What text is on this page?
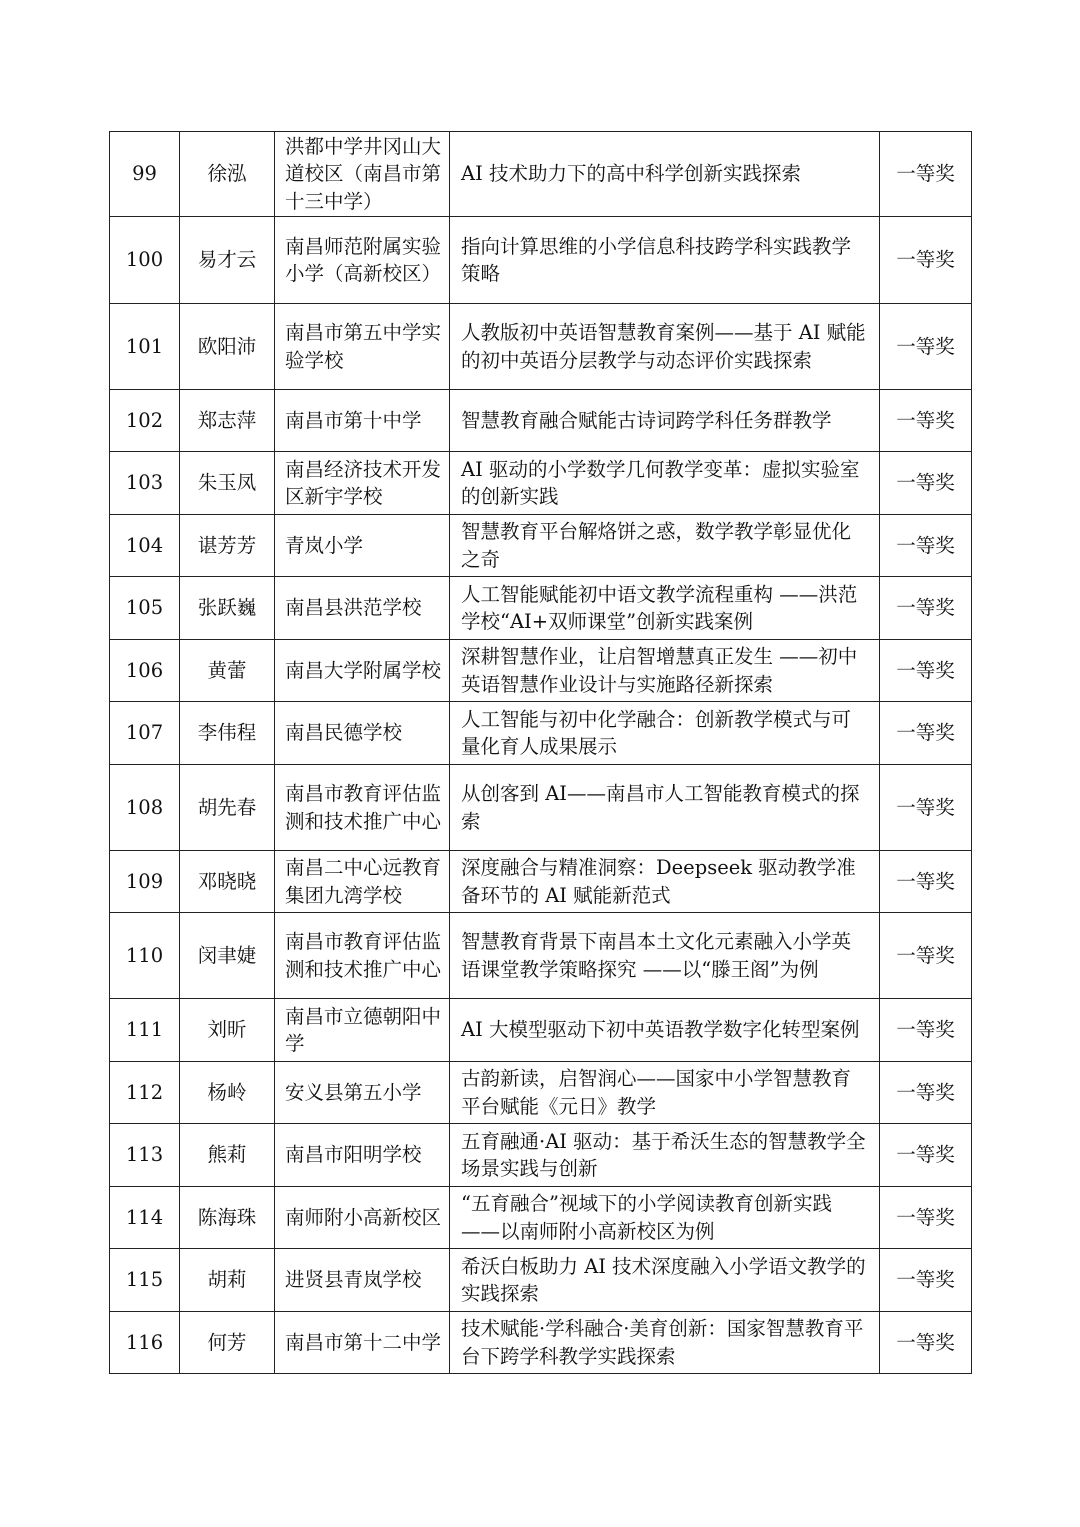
99	徐泓	洪都中学井冈山大道校区（南昌市第十三中学）	AI 技术助力下的高中科学创新实践探索	一等奖
100	易才云	南昌师范附属实验小学（高新校区）	指向计算思维的小学信息科技跨学科实践教学策略	一等奖
101	欧阳沛	南昌市第五中学实验学校	人教版初中英语智慧教育案例——基于 AI 赋能的初中英语分层教学与动态评价实践探索	一等奖
102	郑志萍	南昌市第十中学	智慧教育融合赋能古诗词跨学科任务群教学	一等奖
103	朱玉凤	南昌经济技术开发区新宇学校	AI 驱动的小学数学几何教学变革：虚拟实验室的创新实践	一等奖
104	谌芳芳	青岚小学	智慧教育平台解烙饼之惑，数学教学彰显优化之奇	一等奖
105	张跃巍	南昌县洪范学校	人工智能赋能初中语文教学流程重构 ——洪范学校“AI+双师课堂”创新实践案例	一等奖
106	黄蕾	南昌大学附属学校	深耕智慧作业，让启智增慧真正发生 ——初中英语智慧作业设计与实施路径新探索	一等奖
107	李伟程	南昌民德学校	人工智能与初中化学融合：创新教学模式与可量化育人成果展示	一等奖
108	胡先春	南昌市教育评估监测和技术推广中心	从创客到 AI——南昌市人工智能教育模式的探索	一等奖
109	邓晓晓	南昌二中心远教育集团九湾学校	深度融合与精准洞察：Deepseek 驱动教学准备环节的 AI 赋能新范式	一等奖
110	闵聿婕	南昌市教育评估监测和技术推广中心	智慧教育背景下南昌本土文化元素融入小学英语课堂教学策略探究 ——以“滕王阁”为例	一等奖
111	刘昕	南昌市立德朝阳中学	AI 大模型驱动下初中英语教学数字化转型案例	一等奖
112	杨岭	安义县第五小学	古韵新读，启智润心——国家中小学智慧教育平台赋能《元日》教学	一等奖
113	熊莉	南昌市阳明学校	五育融通·AI 驱动：基于希沃生态的智慧教学全场景实践与创新	一等奖
114	陈海珠	南师附小高新校区	“五育融合”视域下的小学阅读教育创新实践——以南师附小高新校区为例	一等奖
115	胡莉	进贤县青岚学校	希沃白板助力 AI 技术深度融入小学语文教学的实践探索	一等奖
116	何芳	南昌市第十二中学	技术赋能·学科融合·美育创新：国家智慧教育平台下跨学科教学实践探索	一等奖
